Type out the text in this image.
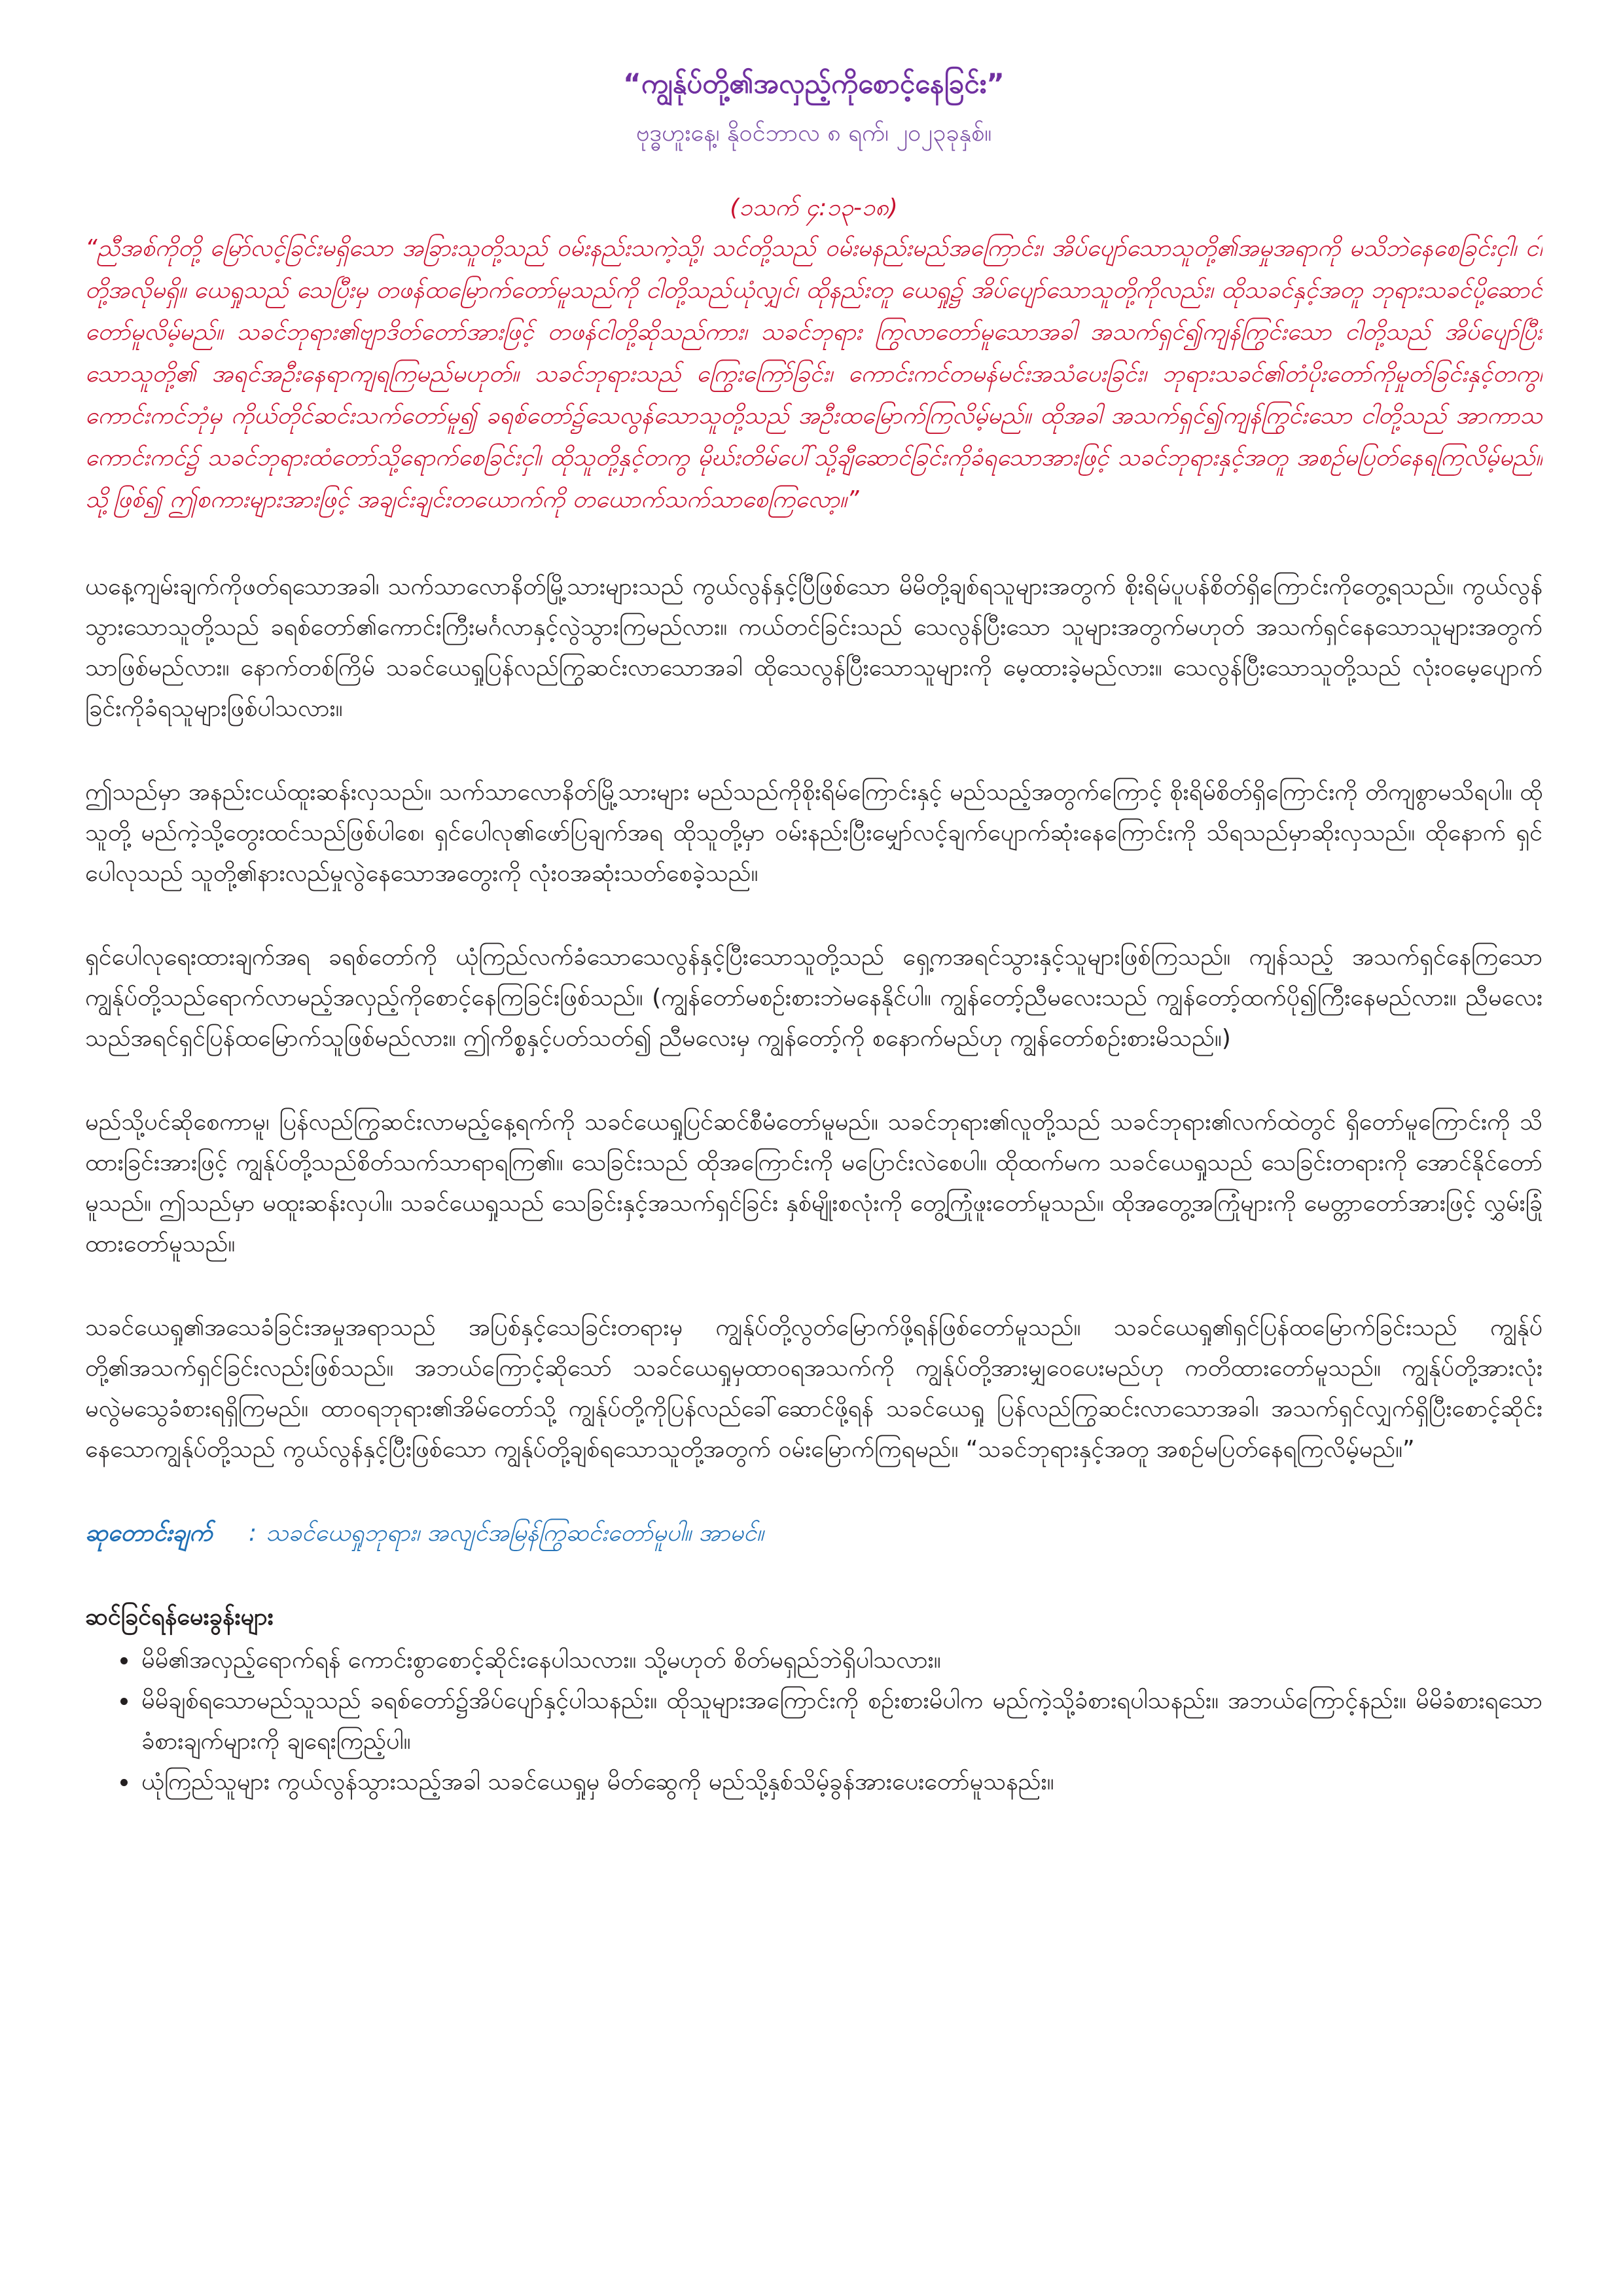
“ကျွန်ုပ်တို့၏အလှည့်ကိုစောင့်နေခြင်း”
ဗုဒ္ဓဟူးနေ့၊ နိုဝင်ဘာလ ၈ ရက်၊ ၂၀၂၃ခုနှစ်။
(၁သက် ၄:၁၃-၁၈)

“ညီအစ်ကိုတို့ မြော်လင့်ခြင်းမရှိသော အခြားသူတို့သည် ဝမ်းနည်းသကဲ့သို့၊ သင်တို့သည် ဝမ်းမနည်းမည်အကြောင်း၊ အိပ်ပျော်သောသူတို့၏အမှုအရာကို မသိဘဲနေစေခြင်းငှါ၊ ငါတို့အလိုမရှိ။ ယေရှုသည် သေပြီးမှ တဖန်ထမြောက်တော်မူသည်ကို ငါတို့သည်ယုံလျှင်၊ ထိုနည်းတူ ယေရှု၌ အိပ်ပျော်သောသူတို့ကိုလည်း၊ ထိုသခင်နှင့်အတူ ဘုရားသခင်ပို့ဆောင်တော်မူလိမ့်မည်။ သခင်ဘုရား၏ဗျာဒိတ်တော်အားဖြင့် တဖန်ငါတို့ဆိုသည်ကား၊ သခင်ဘုရား ကြွလာတော်မူသောအခါ အသက်ရှင်၍ကျန်ကြွင်းသော ငါတို့သည် အိပ်ပျော်ပြီးသောသူတို့၏ အရင်အဦးနေရာကျရကြမည်မဟုတ်။ သခင်ဘုရားသည် ကြွေးကြော်ခြင်း၊ ကောင်းကင်တမန်မင်းအသံပေးခြင်း၊ ဘုရားသခင်၏တံပိုးတော်ကိုမှုတ်ခြင်းနှင့်တကွ၊ ကောင်းကင်ဘုံမှ ကိုယ်တိုင်ဆင်းသက်တော်မူ၍ ခရစ်တော်၌သေလွန်သောသူတို့သည် အဦးထမြောက်ကြလိမ့်မည်။ ထိုအခါ အသက်ရှင်၍ကျန်ကြွင်းသော ငါတို့သည် အာကာသကောင်းကင်၌ သခင်ဘုရားထံတော်သို့ရောက်စေခြင်းငှါ၊ ထိုသူတို့နှင့်တကွ မိုဃ်းတိမ်ပေါ်သို့ချီဆောင်ခြင်းကိုခံရသောအားဖြင့် သခင်ဘုရားနှင့်အတူ အစဉ်မပြတ်နေရကြလိမ့်မည်။ သို့ဖြစ်၍ ဤစကားများအားဖြင့် အချင်းချင်းတယောက်ကို တယောက်သက်သာစေကြလော့။”

ယနေ့ကျမ်းချက်ကိုဖတ်ရသောအခါ၊ သက်သာလောနိတ်မြို့သားများသည် ကွယ်လွန်နှင့်ပြီဖြစ်သော မိမိတို့ချစ်ရသူများအတွက် စိုးရိမ်ပူပန်စိတ်ရှိကြောင်းကိုတွေ့ရသည်။ ကွယ်လွန်သွားသောသူတို့သည် ခရစ်တော်၏ကောင်းကြီးမင်္ဂလာနှင့်လွဲသွားကြမည်လား။ ကယ်တင်ခြင်းသည် သေလွန်ပြီးသော သူများအတွက်မဟုတ် အသက်ရှင်နေသောသူများအတွက်သာဖြစ်မည်လား။ နောက်တစ်ကြိမ် သခင်ယေရှုပြန်လည်ကြွဆင်းလာသောအခါ ထိုသေလွန်ပြီးသောသူများကို မေ့ထားခဲ့မည်လား။ သေလွန်ပြီးသောသူတို့သည် လုံးဝမေ့ပျောက်ခြင်းကိုခံရသူများဖြစ်ပါသလား။

ဤသည်မှာ အနည်းငယ်ထူးဆန်းလှသည်။ သက်သာလောနိတ်မြို့သားများ မည်သည်ကိုစိုးရိမ်ကြောင်းနှင့် မည်သည့်အတွက်ကြောင့် စိုးရိမ်စိတ်ရှိကြောင်းကို တိကျစွာမသိရပါ။ ထိုသူတို့ မည်ကဲ့သို့တွေးထင်သည်ဖြစ်ပါစေ၊ ရှင်ပေါလု၏ဖော်ပြချက်အရ ထိုသူတို့မှာ ဝမ်းနည်းပြီးမျှော်လင့်ချက်ပျောက်ဆုံးနေကြောင်းကို သိရသည်မှာဆိုးလှသည်။ ထိုနောက် ရှင်ပေါလုသည် သူတို့၏နားလည်မှုလွဲနေသောအတွေးကို လုံးဝအဆုံးသတ်စေခဲ့သည်။

ရှင်ပေါလုရေးထားချက်အရ ခရစ်တော်ကို ယုံကြည်လက်ခံသောသေလွန်နှင့်ပြီးသောသူတို့သည် ရှေ့ကအရင်သွားနှင့်သူများဖြစ်ကြသည်။ ကျန်သည့် အသက်ရှင်နေကြသော ကျွန်ုပ်တို့သည်ရောက်လာမည့်အလှည့်ကိုစောင့်နေကြခြင်းဖြစ်သည်။ (ကျွန်တော်မစဉ်းစားဘဲမနေနိုင်ပါ။ ကျွန်တော့်ညီမလေးသည် ကျွန်တော့်ထက်ပို၍ကြီးနေမည်လား။ ညီမလေးသည်အရင်ရှင်ပြန်ထမြောက်သူဖြစ်မည်လား။ ဤကိစ္စနှင့်ပတ်သတ်၍ ညီမလေးမှ ကျွန်တော့်ကို စနောက်မည်ဟု ကျွန်တော်စဉ်းစားမိသည်။)

မည်သို့ပင်ဆိုစေကာမူ၊ ပြန်လည်ကြွဆင်းလာမည့်နေ့ရက်ကို သခင်ယေရှုပြင်ဆင်စီမံတော်မူမည်။ သခင်ဘုရား၏လူတို့သည် သခင်ဘုရား၏လက်ထဲတွင် ရှိတော်မူကြောင်းကို သိထားခြင်းအားဖြင့် ကျွန်ုပ်တို့သည်စိတ်သက်သာရာရကြ၏။ သေခြင်းသည် ထိုအကြောင်းကို မပြောင်းလဲစေပါ။ ထိုထက်မက သခင်ယေရှုသည် သေခြင်းတရားကို အောင်နိုင်တော်မူသည်။ ဤသည်မှာ မထူးဆန်းလှပါ။ သခင်ယေရှုသည် သေခြင်းနှင့်အသက်ရှင်ခြင်း နှစ်မျိုးစလုံးကို တွေ့ကြုံဖူးတော်မူသည်။ ထိုအတွေ့အကြုံများကို မေတ္တာတော်အားဖြင့် လွှမ်းခြုံထားတော်မူသည်။

သခင်ယေရှု၏အသေခံခြင်းအမှုအရာသည် အပြစ်နှင့်သေခြင်းတရားမှ ကျွန်ုပ်တို့လွတ်မြောက်ဖို့ရန်ဖြစ်တော်မူသည်။ သခင်ယေရှု၏ရှင်ပြန်ထမြောက်ခြင်းသည် ကျွန်ုပ်တို့၏အသက်ရှင်ခြင်းလည်းဖြစ်သည်။ အဘယ်ကြောင့်ဆိုသော် သခင်ယေရှုမှထာဝရအသက်ကို ကျွန်ုပ်တို့အားမျှဝေပေးမည်ဟု ကတိထားတော်မူသည်။ ကျွန်ုပ်တို့အားလုံး မလွဲမသွေခံစားရရှိကြမည်။ ထာဝရဘုရား၏အိမ်တော်သို့ ကျွန်ုပ်တို့ကိုပြန်လည်ခေါ်ဆောင်ဖို့ရန် သခင်ယေရှု ပြန်လည်ကြွဆင်းလာသောအခါ၊ အသက်ရှင်လျှက်ရှိပြီးစောင့်ဆိုင်းနေသောကျွန်ုပ်တို့သည် ကွယ်လွန်နှင့်ပြီးဖြစ်သော ကျွန်ုပ်တို့ချစ်ရသောသူတို့အတွက် ဝမ်းမြောက်ကြရမည်။ “သခင်ဘုရားနှင့်အတူ အစဉ်မပြတ်နေရကြလိမ့်မည်။”

ဆုတောင်းချက် : သခင်ယေရှုဘုရား၊ အလျင်အမြန်ကြွဆင်းတော်မူပါ။ အာမင်။
ဆင်ခြင်ရန်မေးခွန်းများ
• မိမိ၏အလှည့်ရောက်ရန် ကောင်းစွာစောင့်ဆိုင်းနေပါသလား။ သို့မဟုတ် စိတ်မရှည်ဘဲရှိပါသလား။
• မိမိချစ်ရသောမည်သူသည် ခရစ်တော်၌အိပ်ပျော်နှင့်ပါသနည်း။ ထိုသူများအကြောင်းကို စဉ်းစားမိပါက မည်ကဲ့သို့ခံစားရပါသနည်း။ အဘယ်ကြောင့်နည်း။ မိမိခံစားရသောခံစားချက်များကို ချရေးကြည့်ပါ။
• ယုံကြည်သူများ ကွယ်လွန်သွားသည့်အခါ သခင်ယေရှုမှ မိတ်ဆွေကို မည်သို့နှစ်သိမ့်ခွန်အားပေးတော်မူသနည်း။
